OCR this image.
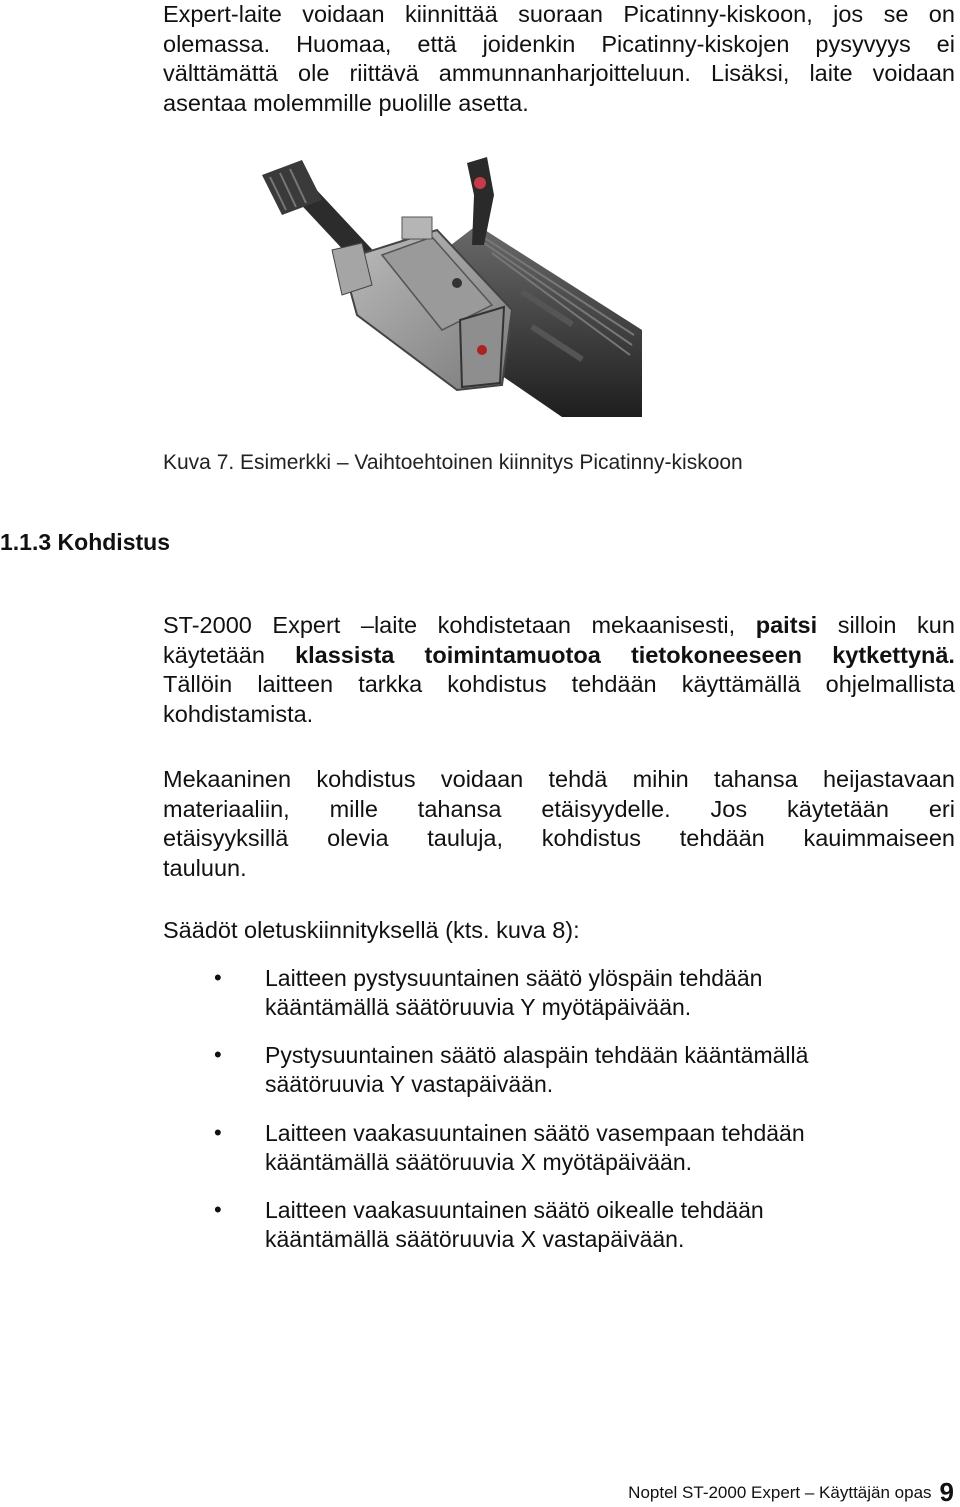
Expert-laite voidaan kiinnittää suoraan Picatinny-kiskoon, jos se on
olemassa. Huomaa, että joidenkin Picatinny-kiskojen pysyvyys ei
välttämättä ole riittävä ammunnanharjoitteluun. Lisäksi, laite voidaan
asentaa molemmille puolille asetta.
Kuva 7. Esimerkki – Vaihtoehtoinen kiinnitys Picatinny-kiskoon
1.1.3 Kohdistus
ST-2000 Expert –laite kohdistetaan mekaanisesti, paitsi silloin kun
käytetään klassista toimintamuotoa tietokoneeseen kytkettynä.
Tällöin laitteen tarkka kohdistus tehdään käyttämällä ohjelmallista
kohdistamista.
Mekaaninen kohdistus voidaan tehdä mihin tahansa heijastavaan
materiaaliin, mille tahansa etäisyydelle. Jos käytetään eri
etäisyyksillä olevia tauluja, kohdistus tehdään kauimmaiseen
tauluun.
Säädöt oletuskiinnityksellä (kts. kuva 8):
• Laitteen pystysuuntainen säätö ylöspäin tehdään
kääntämällä säätöruuvia Y myötäpäivään.
• Pystysuuntainen säätö alaspäin tehdään kääntämällä
säätöruuvia Y vastapäivään.
• Laitteen vaakasuuntainen säätö vasempaan tehdään
kääntämällä säätöruuvia X myötäpäivään.
• Laitteen vaakasuuntainen säätö oikealle tehdään
kääntämällä säätöruuvia X vastapäivään.
Noptel ST-2000 Expert – Käyttäjän opas 9
